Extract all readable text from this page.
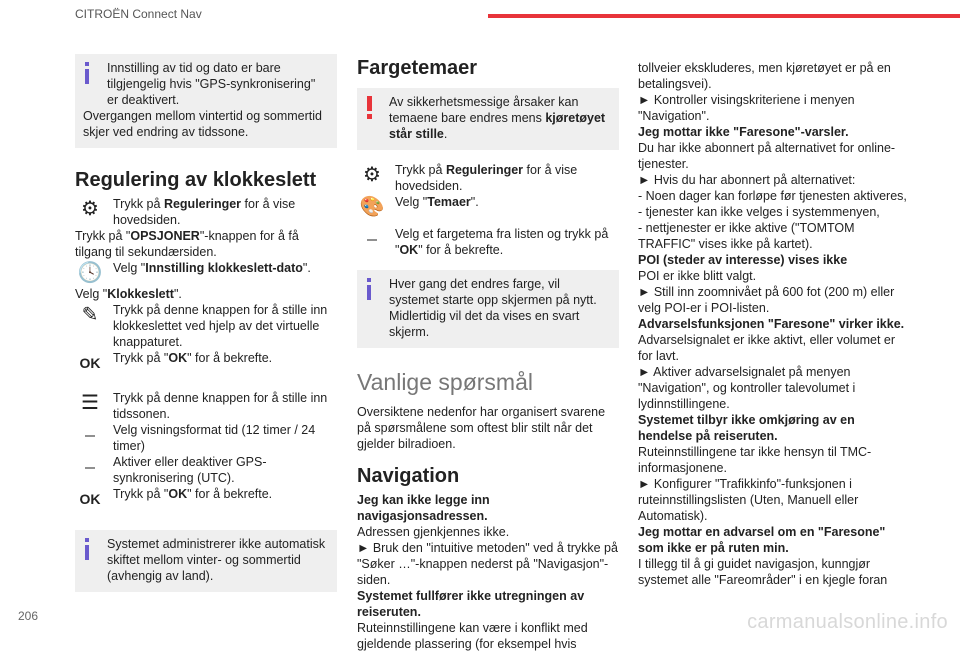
CITROËN Connect Nav

Innstilling av tid og dato er bare tilgjengelig hvis "GPS-synkronisering" er deaktivert.

Overgangen mellom vintertid og sommertid skjer ved endring av tidssone.

Regulering av klokkeslett
⚙	Trykk på Reguleringer for å vise hovedsiden.

Trykk på "OPSJONER"-knappen for å få tilgang til sekundærsiden.

🕓 Velg "Innstilling klokkeslett-dato".

Velg "Klokkeslett".

✎	Trykk på denne knappen for å stille inn klokkeslettet ved hjelp av det virtuelle knappaturet.
OK	Trykk på "OK" for å bekrefte.
☰	Trykk på denne knappen for å stille inn tidssonen.
⎯	Velg visningsformat tid (12 timer / 24 timer)
⎯	Aktiver eller deaktiver GPS-synkronisering (UTC).
OK	Trykk på "OK" for å bekrefte.

Systemet administrerer ikke automatisk skiftet mellom vinter- og sommertid (avhengig av land).

Fargetemaer

Av sikkerhetsmessige årsaker kan temaene bare endres mens kjøretøyet står stille.

⚙	Trykk på Reguleringer for å vise hovedsiden.
🎨 Velg "Temaer".
⎯	Velg et fargetema fra listen og trykk på "OK" for å bekrefte.

Hver gang det endres farge, vil systemet starte opp skjermen på nytt. Midlertidig vil det da vises en svart skjerm.

Vanlige spørsmål

Oversiktene nedenfor har organisert svarene på spørsmålene som oftest blir stilt når det gjelder bilradioen.

Navigation

Jeg kan ikke legge inn navigasjonsadressen.

Adressen gjenkjennes ikke.

► Bruk den "intuitive metoden" ved å trykke på "Søker …"-knappen nederst på "Navigasjon"-siden.

Systemet fullfører ikke utregningen av reiseruten.

Ruteinnstillingene kan være i konflikt med gjeldende plassering (for eksempel hvis

tollveier ekskluderes, men kjøretøyet er på en betalingsvei).

► Kontroller visingskriteriene i menyen "Navigation".

Jeg mottar ikke "Faresone"-varsler.

Du har ikke abonnert på alternativet for online-tjenester.

► Hvis du har abonnert på alternativet:

- Noen dager kan forløpe før tjenesten aktiveres,

- tjenester kan ikke velges i systemmenyen,

- nettjenester er ikke aktive ("TOMTOM TRAFFIC" vises ikke på kartet).

POI (steder av interesse) vises ikke

POI er ikke blitt valgt.

► Still inn zoomnivået på 600 fot (200 m) eller velg POI-er i POI-listen.

Advarselsfunksjonen "Faresone" virker ikke.

Advarselsignalet er ikke aktivt, eller volumet er for lavt.

► Aktiver advarselsignalet på menyen "Navigation", og kontroller talevolumet i lydinnstillingene.

Systemet tilbyr ikke omkjøring av en hendelse på reiseruten.

Ruteinnstillingene tar ikke hensyn til TMC-informasjonene.

► Konfigurer "Trafikkinfo"-funksjonen i ruteinnstillingslisten (Uten, Manuell eller Automatisk).

Jeg mottar en advarsel om en "Faresone" som ikke er på ruten min.

I tillegg til å gi guidet navigasjon, kunngjør systemet alle "Fareområder" i en kjegle foran

206	carmanualsonline.info
